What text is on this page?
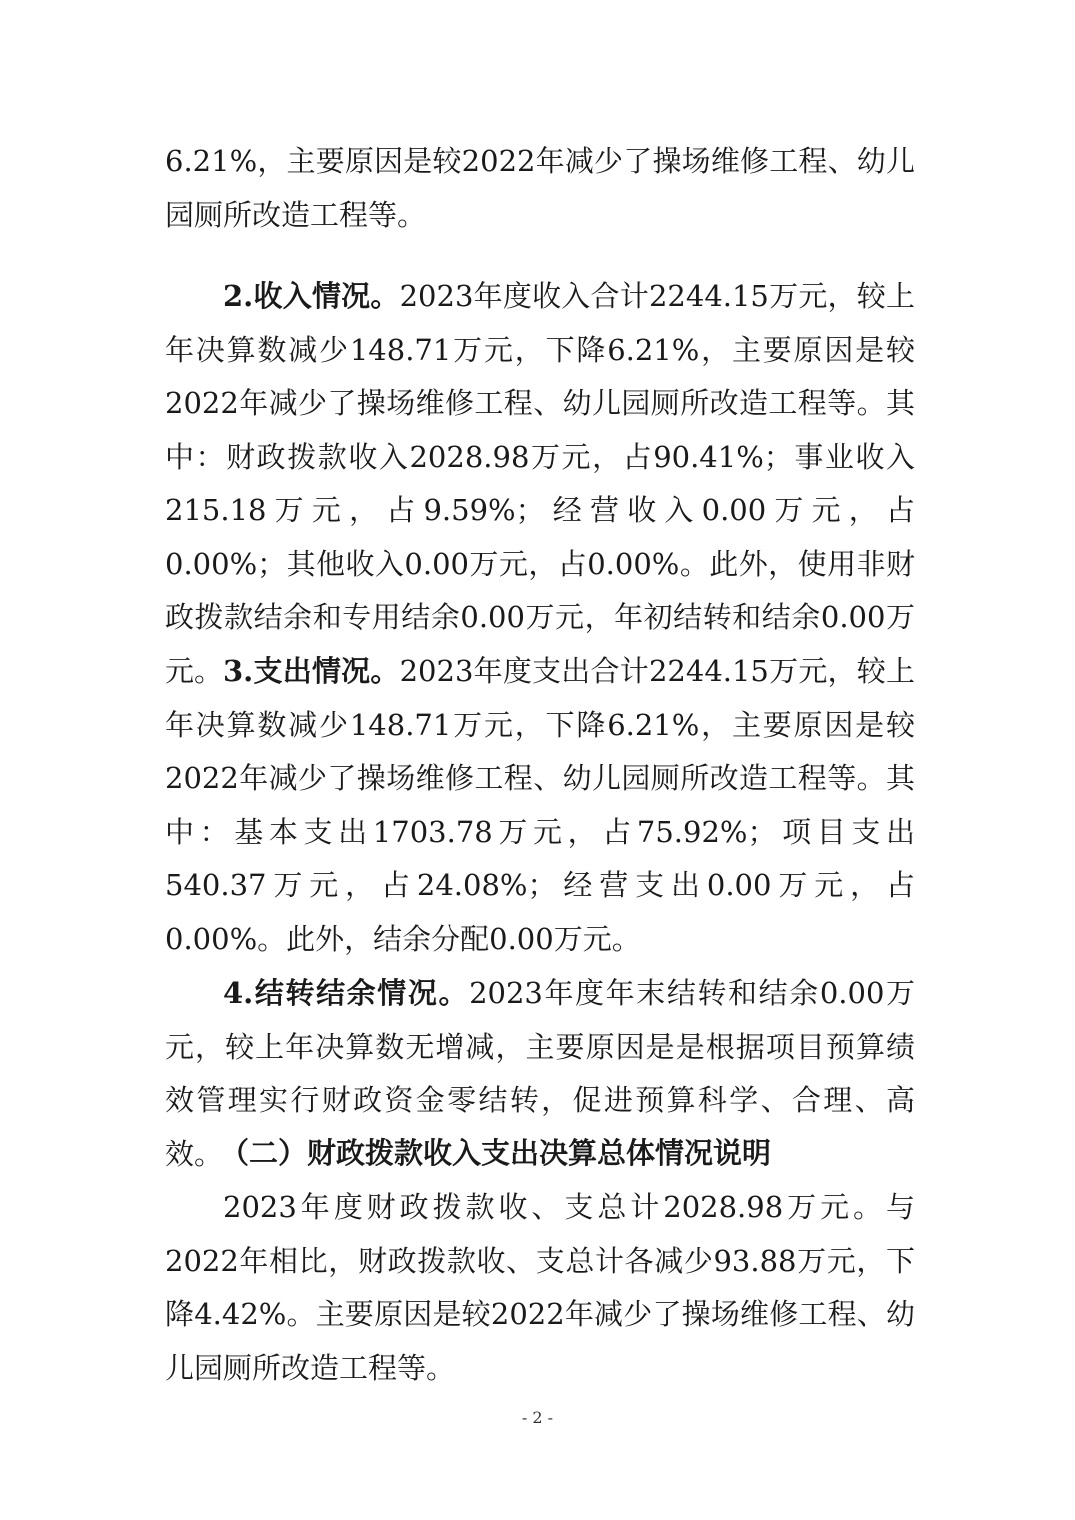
6.21%，主要原因是较2022年减少了操场维修工程、幼儿园厕所改造工程等。

2.收入情况。2023年度收入合计2244.15万元，较上年决算数减少148.71万元，下降6.21%，主要原因是较2022年减少了操场维修工程、幼儿园厕所改造工程等。其中：财政拨款收入2028.98万元，占90.41%；事业收入215.18万元，占9.59%；经营收入0.00万元，占0.00%；其他收入0.00万元，占0.00%。此外，使用非财政拨款结余和专用结余0.00万元，年初结转和结余0.00万元。 3.支出情况。2023年度支出合计2244.15万元，较上年决算数减少148.71万元，下降6.21%，主要原因是较2022年减少了操场维修工程、幼儿园厕所改造工程等。其中：基本支出1703.78万元，占75.92%；项目支出540.37万元，占24.08%；经营支出0.00万元，占0.00%。此外，结余分配0.00万元。

4.结转结余情况。2023年度年末结转和结余0.00万元，较上年决算数无增减，主要原因是是根据项目预算绩效管理实行财政资金零结转，促进预算科学、合理、高效。

（二）财政拨款收入支出决算总体情况说明

2023年度财政拨款收、支总计2028.98万元。与2022年相比，财政拨款收、支总计各减少93.88万元，下降4.42%。主要原因是较2022年减少了操场维修工程、幼儿园厕所改造工程等。

- 2 -
